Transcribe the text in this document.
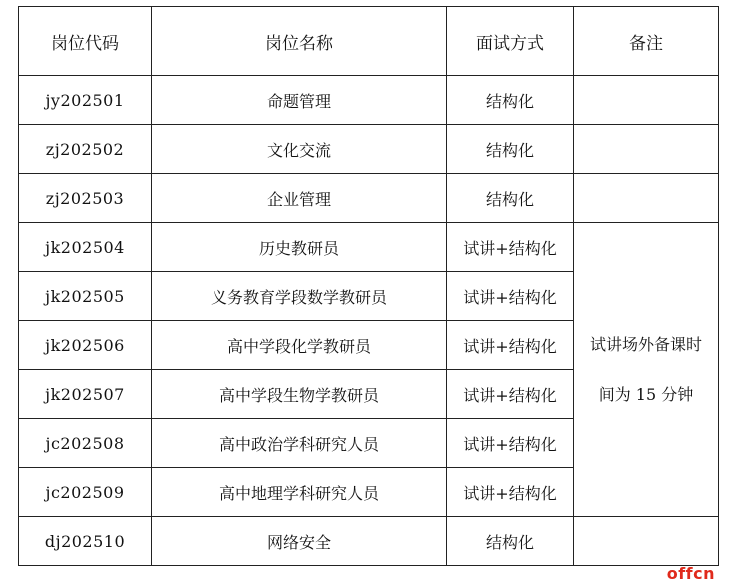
岗位代码	岗位名称	面试方式	备注
jy202501	命题管理	结构化	
zj202502	文化交流	结构化	
zj202503	企业管理	结构化	
jk202504	历史教研员	试讲+结构化	试讲场外备课时
间为 15 分钟

jk202505	义务教育学段数学教研员	试讲+结构化	
jk202506	高中学段化学教研员	试讲+结构化	
jk202507	高中学段生物学教研员	试讲+结构化	
jc202508	高中政治学科研究人员	试讲+结构化	
jc202509	高中地理学科研究人员	试讲+结构化	
dj202510	网络安全	结构化	
offcn
